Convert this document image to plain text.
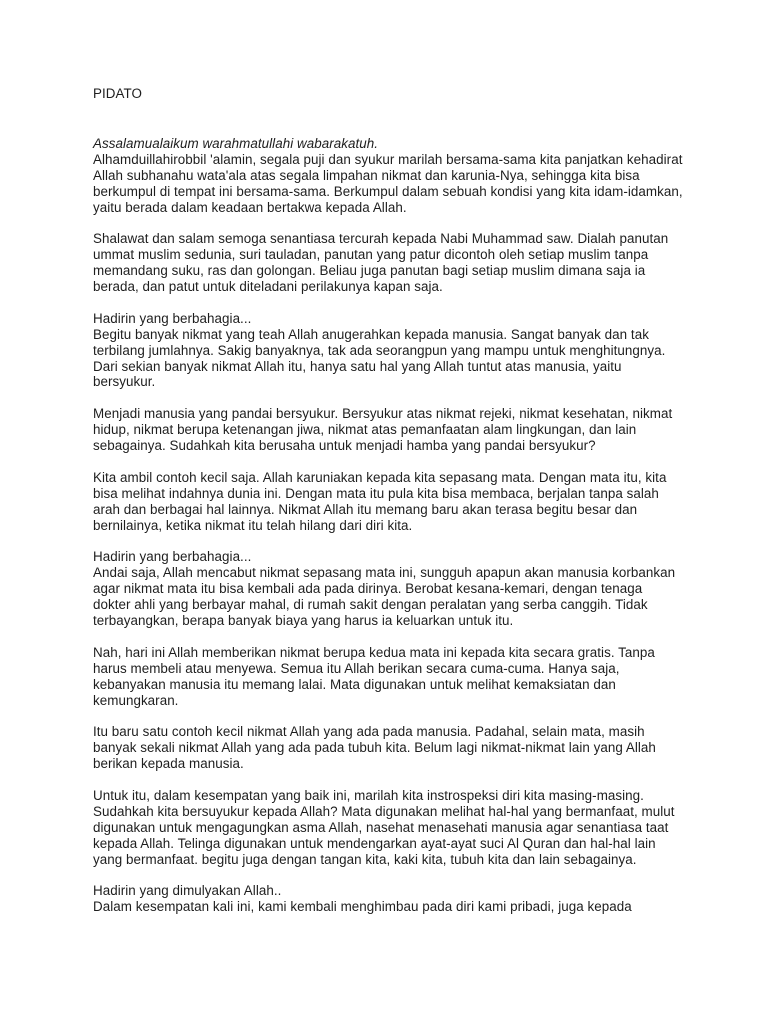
PIDATO

Assalamualaikum warahmatullahi wabarakatuh.

Alhamduillahirobbil 'alamin, segala puji dan syukur marilah bersama-sama kita panjatkan kehadirat Allah subhanahu wata'ala atas segala limpahan nikmat dan karunia-Nya, sehingga kita bisa berkumpul di tempat ini bersama-sama. Berkumpul dalam sebuah kondisi yang kita idam-idamkan, yaitu berada dalam keadaan bertakwa kepada Allah.

Shalawat dan salam semoga senantiasa tercurah kepada Nabi Muhammad saw. Dialah panutan ummat muslim sedunia, suri tauladan, panutan yang patur dicontoh oleh setiap muslim tanpa memandang suku, ras dan golongan. Beliau juga panutan bagi setiap muslim dimana saja ia berada, dan patut untuk diteladani perilakunya kapan saja.

Hadirin yang berbahagia...

Begitu banyak nikmat yang teah Allah anugerahkan kepada manusia. Sangat banyak dan tak terbilang jumlahnya. Sakig banyaknya, tak ada seorangpun yang mampu untuk menghitungnya. Dari sekian banyak nikmat Allah itu, hanya satu hal yang Allah tuntut atas manusia, yaitu bersyukur.

Menjadi manusia yang pandai bersyukur. Bersyukur atas nikmat rejeki, nikmat kesehatan, nikmat hidup, nikmat berupa ketenangan jiwa, nikmat atas pemanfaatan alam lingkungan, dan lain sebagainya. Sudahkah kita berusaha untuk menjadi hamba yang pandai bersyukur?

Kita ambil contoh kecil saja. Allah karuniakan kepada kita sepasang mata. Dengan mata itu, kita bisa melihat indahnya dunia ini. Dengan mata itu pula kita bisa membaca, berjalan tanpa salah arah dan berbagai hal lainnya. Nikmat Allah itu memang baru akan terasa begitu besar dan bernilainya, ketika nikmat itu telah hilang dari diri kita.

Hadirin yang berbahagia...

Andai saja, Allah mencabut nikmat sepasang mata ini, sungguh apapun akan manusia korbankan agar nikmat mata itu bisa kembali ada pada dirinya. Berobat kesana-kemari, dengan tenaga dokter ahli yang berbayar mahal, di rumah sakit dengan peralatan yang serba canggih. Tidak terbayangkan, berapa banyak biaya yang harus ia keluarkan untuk itu.

Nah, hari ini Allah memberikan nikmat berupa kedua mata ini kepada kita secara gratis. Tanpa harus membeli atau menyewa. Semua itu Allah berikan secara cuma-cuma. Hanya saja, kebanyakan manusia itu memang lalai. Mata digunakan untuk melihat kemaksiatan dan kemungkaran.

Itu baru satu contoh kecil nikmat Allah yang ada pada manusia. Padahal, selain mata, masih banyak sekali nikmat Allah yang ada pada tubuh kita. Belum lagi nikmat-nikmat lain yang Allah berikan kepada manusia.

Untuk itu, dalam kesempatan yang baik ini, marilah kita instrospeksi diri kita masing-masing. Sudahkah kita bersuyukur kepada Allah? Mata digunakan melihat hal-hal yang bermanfaat, mulut digunakan untuk mengagungkan asma Allah, nasehat menasehati manusia agar senantiasa taat kepada Allah. Telinga digunakan untuk mendengarkan ayat-ayat suci Al Quran dan hal-hal lain yang bermanfaat. begitu juga dengan tangan kita, kaki kita, tubuh kita dan lain sebagainya.

Hadirin yang dimulyakan Allah..

Dalam kesempatan kali ini, kami kembali menghimbau pada diri kami pribadi, juga kepada
